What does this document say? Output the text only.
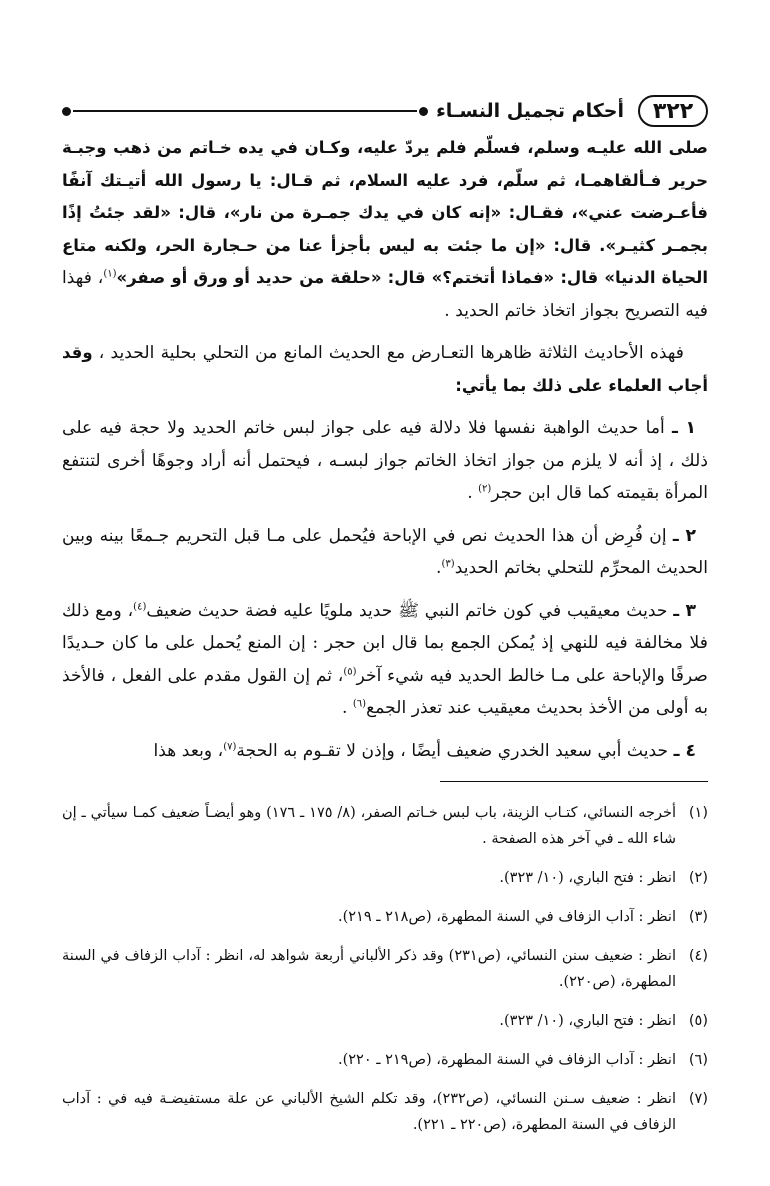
٣٢٢
أحكام تجميل النسـاء

صلى الله عليـه وسلم، فسلّم فلم يردّ عليه، وكـان في يده خـاتم من ذهب وجبـة حرير فـألقاهمـا، ثم سلّم، فرد عليه السلام، ثم قـال: يا رسول الله أتيـتك آنفًا فأعـرضت عني»، فقـال: «إنه كان في يدك جمـرة من نار»، قال: «لقد جئتُ إذًا بجمـر كثيـر». قال: «إن ما جئت به ليس بأجزأ عنا من حـجارة الحر، ولكنه متاع الحياة الدنيا» قال: «فماذا أتختم؟» قال: «حلقة من حديد أو ورق أو صفر»$^{(١)}$، فهذا فيه التصريح بجواز اتخاذ خاتم الحديد .

فهذه الأحاديث الثلاثة ظاهرها التعـارض مع الحديث المانع من التحلي بحلية الحديد ، وقد أجاب العلماء على ذلك بما يأتي:

١ ـ أما حديث الواهبة نفسها فلا دلالة فيه على جواز لبس خاتم الحديد ولا حجة فيه على ذلك ، إذ أنه لا يلزم من جواز اتخاذ الخاتم جواز لبسـه ، فيحتمل أنه أراد وجوهًا أخرى لتنتفع المرأة بقيمته كما قال ابن حجر$^{(٢)}$ .

٢ ـ إن فُرِض أن هذا الحديث نص في الإباحة فيُحمل على مـا قبل التحريم جـمعًا بينه وبين الحديث المحرِّم للتحلي بخاتم الحديد$^{(٣)}$.

٣ ـ حديث معيقيب في كون خاتم النبي ﷺ حديد ملويًا عليه فضة حديث ضعيف$^{(٤)}$، ومع ذلك فلا مخالفة فيه للنهي إذ يُمكن الجمع بما قال ابن حجر : إن المنع يُحمل على ما كان حـديدًا صرفًا والإباحة على مـا خالط الحديد فيه شيء آخر$^{(٥)}$، ثم إن القول مقدم على الفعل ، فالأخذ به أولى من الأخذ بحديث معيقيب عند تعذر الجمع$^{(٦)}$ .

٤ ـ حديث أبي سعيد الخدري ضعيف أيضًا ، وإذن لا تقـوم به الحجة$^{(٧)}$، وبعد هذا

(١)
أخرجه النسائي، كتـاب الزينة، باب لبس خـاتم الصفر، (٨/ ١٧٥ ـ ١٧٦) وهو أيضـاً ضعيف كمـا سيأتي ـ إن شاء الله ـ في آخر هذه الصفحة .
(٢)
انظر : فتح الباري، (١٠/ ٣٢٣).
(٣)
انظر : آداب الزفاف في السنة المطهرة، (ص٢١٨ ـ ٢١٩).
(٤)
انظر : ضعيف سنن النسائي، (ص٢٣١) وقد ذكر الألباني أربعة شواهد له، انظر : آداب الزفاف في السنة المطهرة، (ص٢٢٠).
(٥)
انظر : فتح الباري، (١٠/ ٣٢٣).
(٦)
انظر : آداب الزفاف في السنة المطهرة، (ص٢١٩ ـ ٢٢٠).
(٧)
انظر : ضعيف سـنن النسائي، (ص٢٣٢)، وقد تكلم الشيخ الألباني عن علة مستفيضـة فيه في : آداب الزفاف في السنة المطهرة، (ص٢٢٠ ـ ٢٢١).
